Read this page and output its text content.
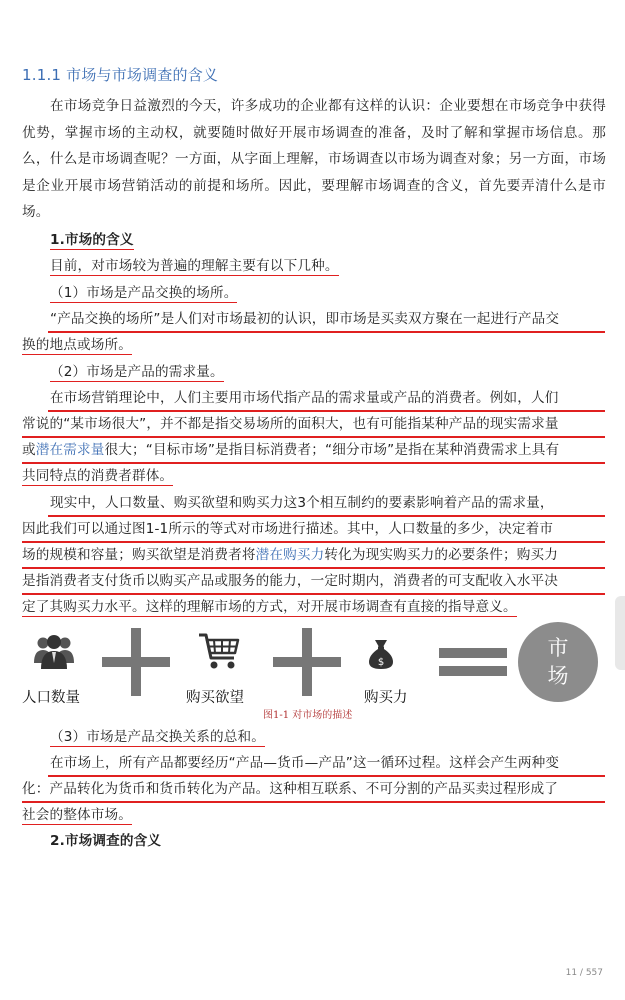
1.1.1 市场与市场调查的含义

在市场竞争日益激烈的今天，许多成功的企业都有这样的认识：企业要想在市场竞争中获得优势，掌握市场的主动权，就要随时做好开展市场调查的准备，及时了解和掌握市场信息。那么，什么是市场调查呢？一方面，从字面上理解，市场调查以市场为调查对象；另一方面，市场是企业开展市场营销活动的前提和场所。因此，要理解市场调查的含义，首先要弄清什么是市场。

1.市场的含义
目前，对市场较为普遍的理解主要有以下几种。
（1）市场是产品交换的场所。
“产品交换的场所”是人们对市场最初的认识，即市场是买卖双方聚在一起进行产品交
换的地点或场所。
（2）市场是产品的需求量。
在市场营销理论中，人们主要用市场代指产品的需求量或产品的消费者。例如，人们
常说的“某市场很大”，并不都是指交易场所的面积大，也有可能指某种产品的现实需求量
或潜在需求量很大；“目标市场”是指目标消费者；“细分市场”是指在某种消费需求上具有
共同特点的消费者群体。
现实中，人口数量、购买欲望和购买力这3个相互制约的要素影响着产品的需求量，
因此我们可以通过图1-1所示的等式对市场进行描述。其中，人口数量的多少，决定着市
场的规模和容量；购买欲望是消费者将潜在购买力转化为现实购买力的必要条件；购买力
是指消费者支付货币以购买产品或服务的能力，一定时期内，消费者的可支配收入水平决
定了其购买力水平。这样的理解市场的方式，对开展市场调查有直接的指导意义。
人口数量	购买欲望
$
购买力
市
场
图1-1 对市场的描述
（3）市场是产品交换关系的总和。
在市场上，所有产品都要经历“产品—货币—产品”这一循环过程。这样会产生两种变
化：产品转化为货币和货币转化为产品。这种相互联系、不可分割的产品买卖过程形成了
社会的整体市场。
2.市场调查的含义
11 / 557
